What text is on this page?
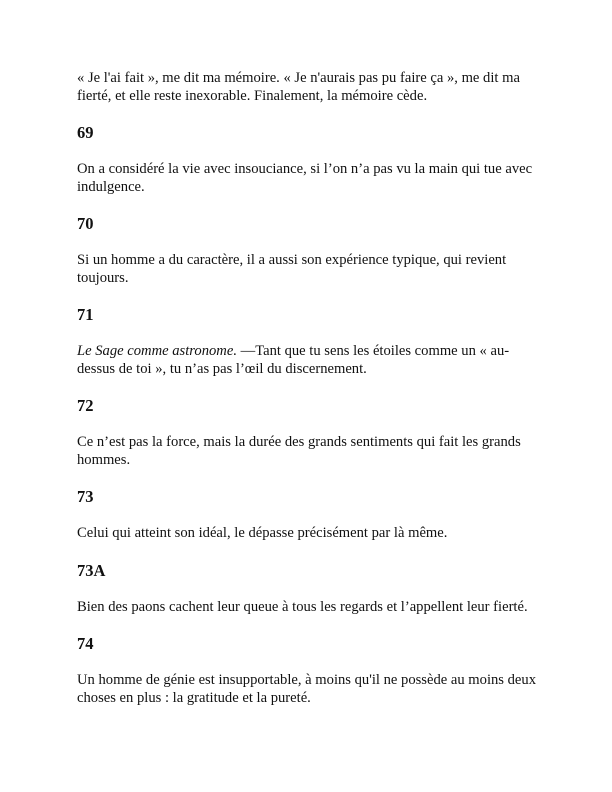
« Je l'ai fait », me dit ma mémoire. « Je n'aurais pas pu faire ça », me dit ma fierté, et elle reste inexorable. Finalement, la mémoire cède.

69

On a considéré la vie avec insouciance, si l’on n’a pas vu la main qui tue avec indulgence.

70

Si un homme a du caractère, il a aussi son expérience typique, qui revient toujours.

71

Le Sage comme astronome. —Tant que tu sens les étoiles comme un « au-dessus de toi », tu n’as pas l’œil du discernement.

72

Ce n’est pas la force, mais la durée des grands sentiments qui fait les grands hommes.

73

Celui qui atteint son idéal, le dépasse précisément par là même.

73A

Bien des paons cachent leur queue à tous les regards et l’appellent leur fierté.

74

Un homme de génie est insupportable, à moins qu'il ne possède au moins deux choses en plus : la gratitude et la pureté.
